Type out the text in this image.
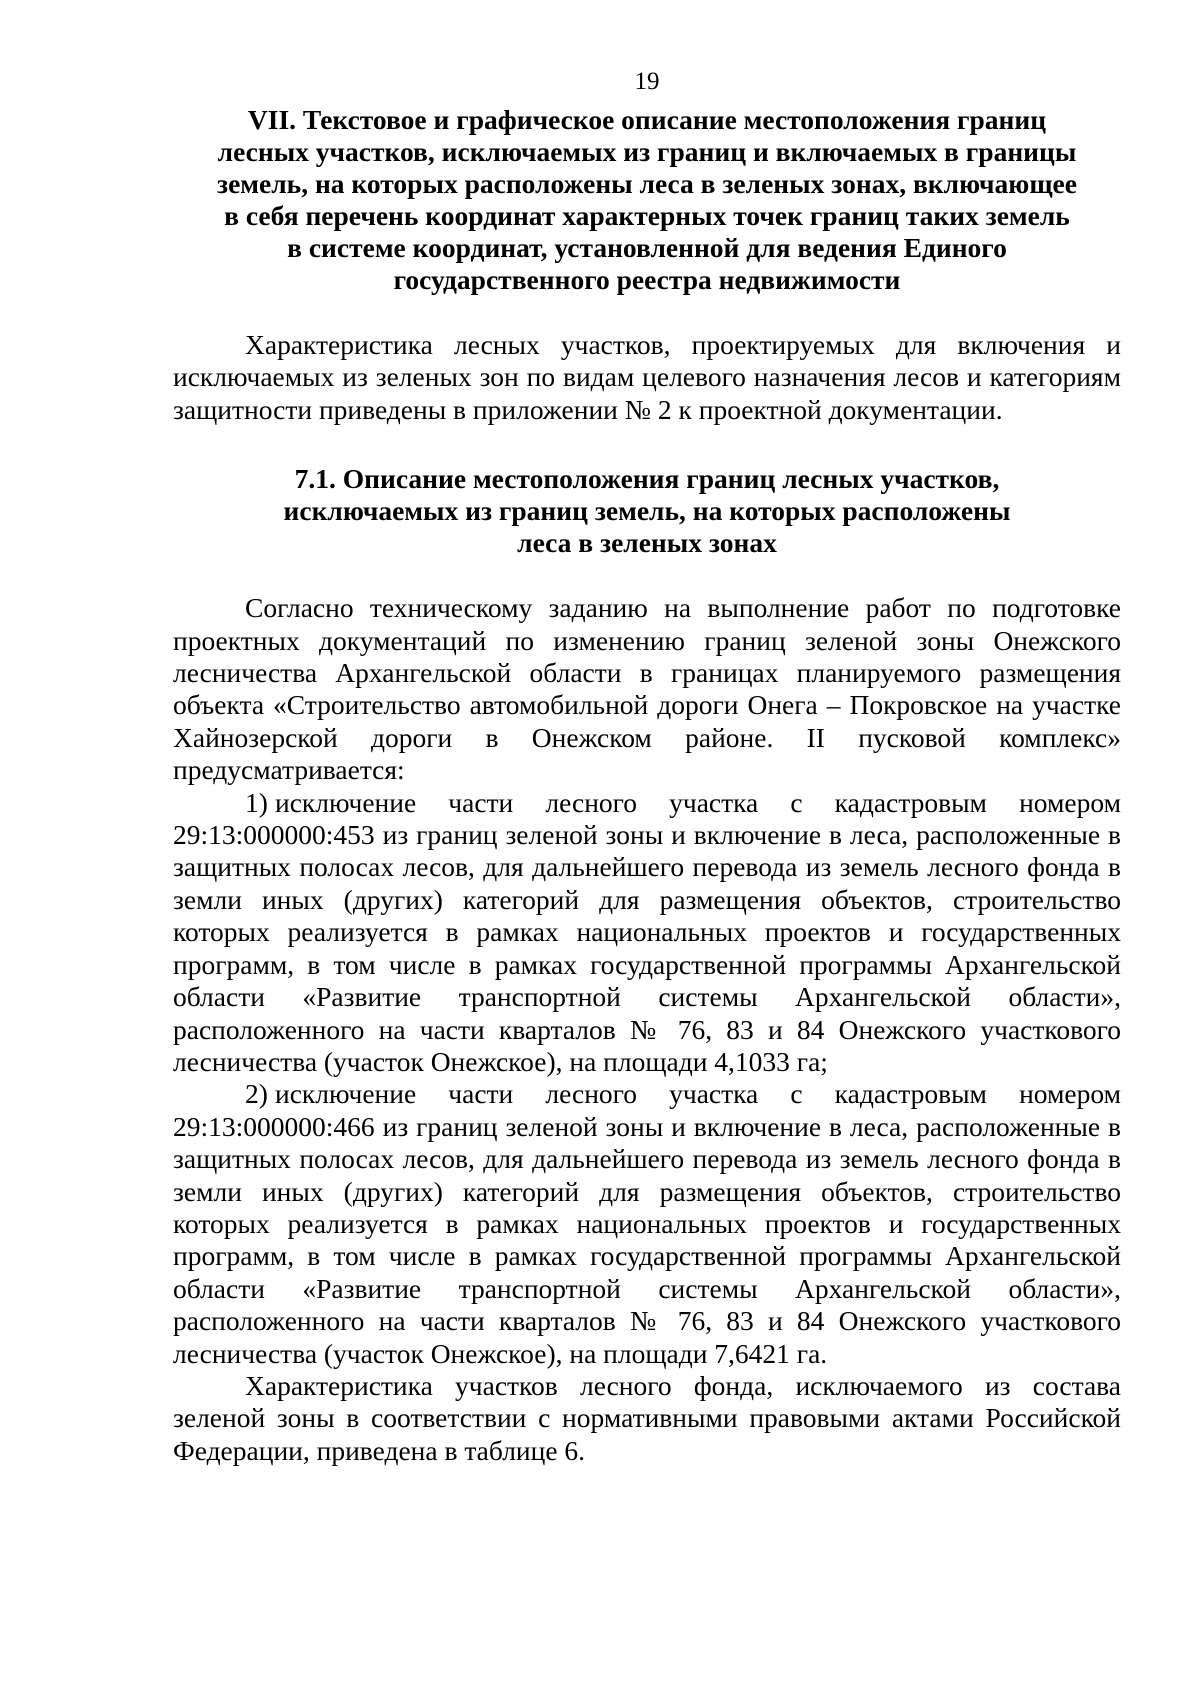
19
VII. Текстовое и графическое описание местоположения границ
лесных участков, исключаемых из границ и включаемых в границы
земель, на которых расположены леса в зеленых зонах, включающее
в себя перечень координат характерных точек границ таких земель
в системе координат, установленной для ведения Единого
государственного реестра недвижимости

Характеристика лесных участков, проектируемых для включения и исключаемых из зеленых зон по видам целевого назначения лесов и категориям защитности приведены в приложении № 2 к проектной документации.

7.1. Описание местоположения границ лесных участков,
исключаемых из границ земель, на которых расположены
леса в зеленых зонах

Согласно техническому заданию на выполнение работ по подготовке проектных документаций по изменению границ зеленой зоны Онежского лесничества Архангельской области в границах планируемого размещения объекта «Строительство автомобильной дороги Онега – Покровское на участке Хайнозерской дороги в Онежском районе. II пусковой комплекс» предусматривается:

1) исключение части лесного участка с кадастровым номером 29:13:000000:453 из границ зеленой зоны и включение в леса, расположенные в защитных полосах лесов, для дальнейшего перевода из земель лесного фонда в земли иных (других) категорий для размещения объектов, строительство которых реализуется в рамках национальных проектов и государственных программ, в том числе в рамках государственной программы Архангельской области «Развитие транспортной системы Архангельской области», расположенного на части кварталов № 76, 83 и 84 Онежского участкового лесничества (участок Онежское), на площади 4,1033 га;

2) исключение части лесного участка с кадастровым номером 29:13:000000:466 из границ зеленой зоны и включение в леса, расположенные в защитных полосах лесов, для дальнейшего перевода из земель лесного фонда в земли иных (других) категорий для размещения объектов, строительство которых реализуется в рамках национальных проектов и государственных программ, в том числе в рамках государственной программы Архангельской области «Развитие транспортной системы Архангельской области», расположенного на части кварталов № 76, 83 и 84 Онежского участкового лесничества (участок Онежское), на площади 7,6421 га.

Характеристика участков лесного фонда, исключаемого из состава зеленой зоны в соответствии с нормативными правовыми актами Российской Федерации, приведена в таблице 6.
